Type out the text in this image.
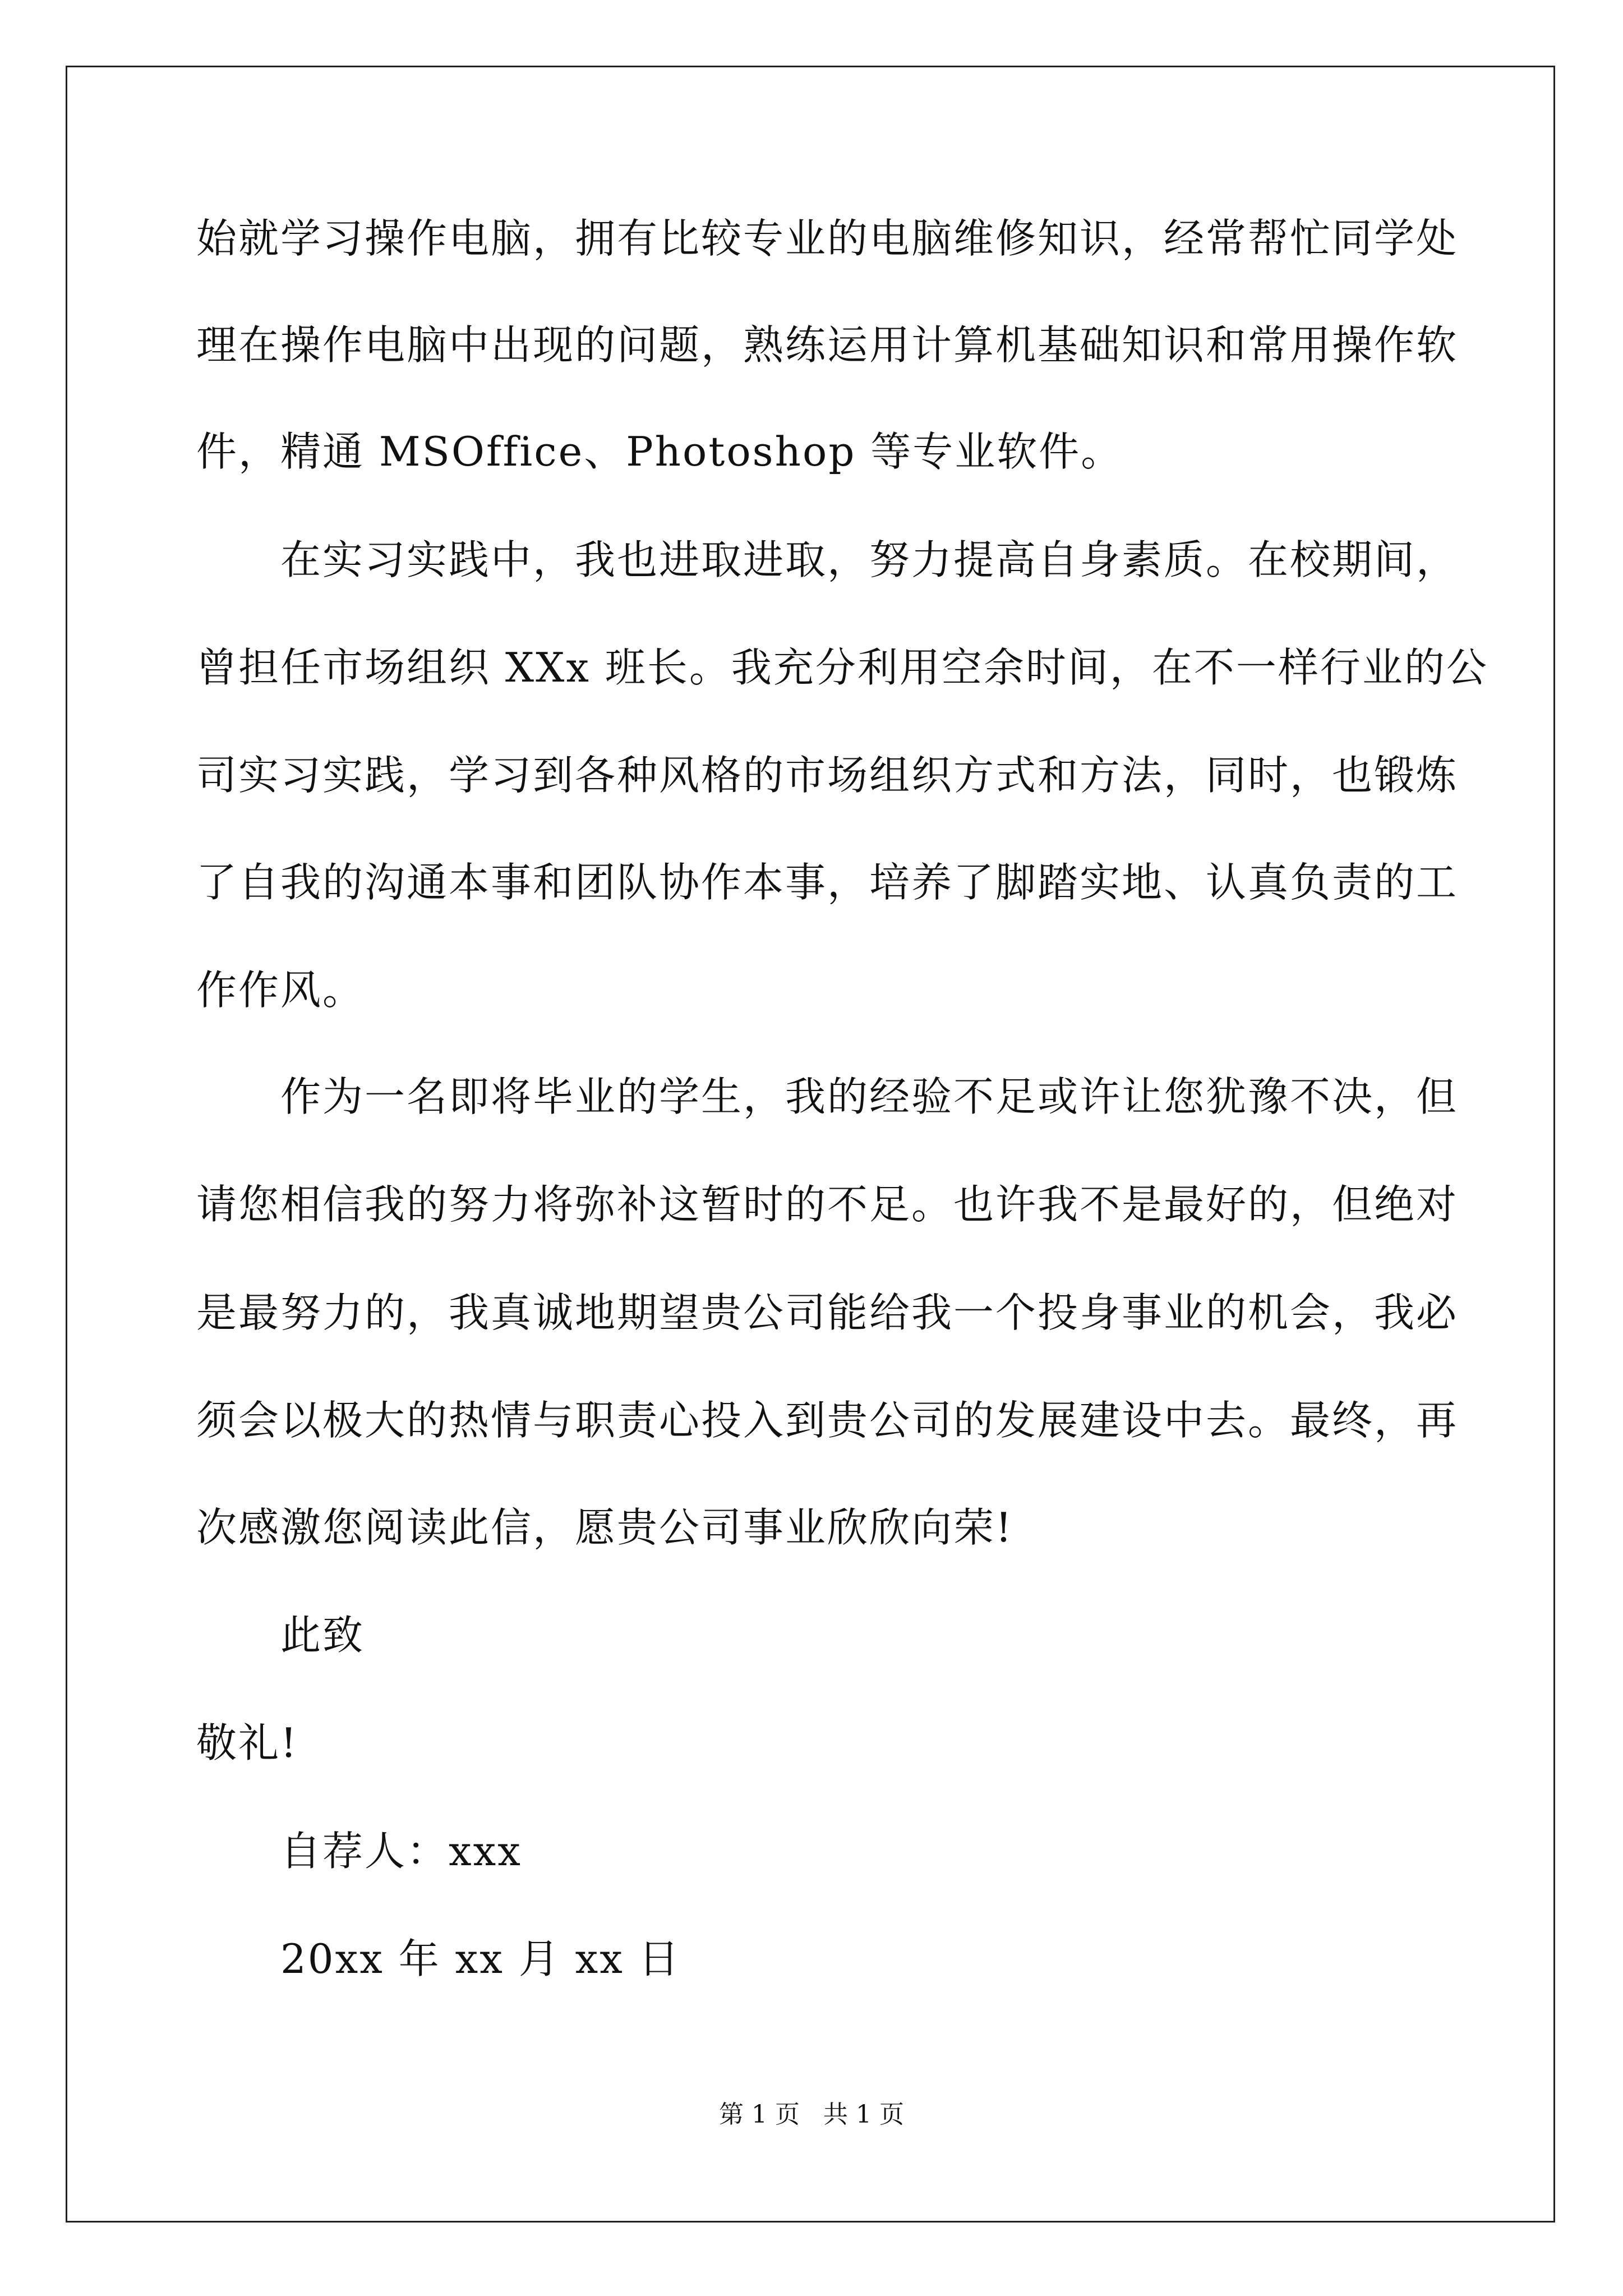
始就学习操作电脑，拥有比较专业的电脑维修知识，经常帮忙同学处
理在操作电脑中出现的问题，熟练运用计算机基础知识和常用操作软
件，精通 MSOffice、Photoshop 等专业软件。
在实习实践中，我也进取进取，努力提高自身素质。在校期间，
曾担任市场组织 XXx 班长。我充分利用空余时间，在不一样行业的公
司实习实践，学习到各种风格的市场组织方式和方法，同时，也锻炼
了自我的沟通本事和团队协作本事，培养了脚踏实地、认真负责的工
作作风。
作为一名即将毕业的学生，我的经验不足或许让您犹豫不决，但
请您相信我的努力将弥补这暂时的不足。也许我不是最好的，但绝对
是最努力的，我真诚地期望贵公司能给我一个投身事业的机会，我必
须会以极大的热情与职责心投入到贵公司的发展建设中去。最终，再
次感激您阅读此信，愿贵公司事业欣欣向荣!
此致
敬礼!
自荐人：xxx
20xx 年 xx 月 xx 日
第 1 页   共 1 页
